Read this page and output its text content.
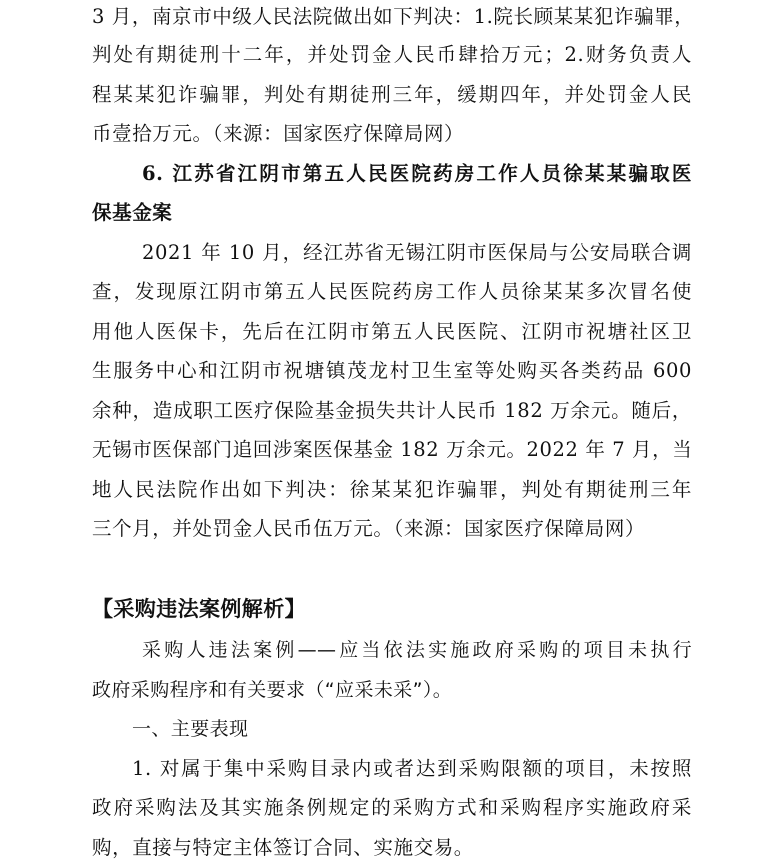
3 月，南京市中级人民法院做出如下判决：1.院长顾某某犯诈骗罪，
判处有期徒刑十二年，并处罚金人民币肆拾万元；2.财务负责人
程某某犯诈骗罪，判处有期徒刑三年，缓期四年，并处罚金人民
币壹拾万元。（来源：国家医疗保障局网）
6. 江苏省江阴市第五人民医院药房工作人员徐某某骗取医
保基金案
2021 年 10 月，经江苏省无锡江阴市医保局与公安局联合调
查，发现原江阴市第五人民医院药房工作人员徐某某多次冒名使
用他人医保卡，先后在江阴市第五人民医院、江阴市祝塘社区卫
生服务中心和江阴市祝塘镇茂龙村卫生室等处购买各类药品 600
余种，造成职工医疗保险基金损失共计人民币 182 万余元。随后，
无锡市医保部门追回涉案医保基金 182 万余元。2022 年 7 月，当
地人民法院作出如下判决：徐某某犯诈骗罪，判处有期徒刑三年
三个月，并处罚金人民币伍万元。（来源：国家医疗保障局网）
【采购违法案例解析】
采购人违法案例——应当依法实施政府采购的项目未执行
政府采购程序和有关要求（“应采未采”）。
一、主要表现
1. 对属于集中采购目录内或者达到采购限额的项目，未按照
政府采购法及其实施条例规定的采购方式和采购程序实施政府采
购，直接与特定主体签订合同、实施交易。
